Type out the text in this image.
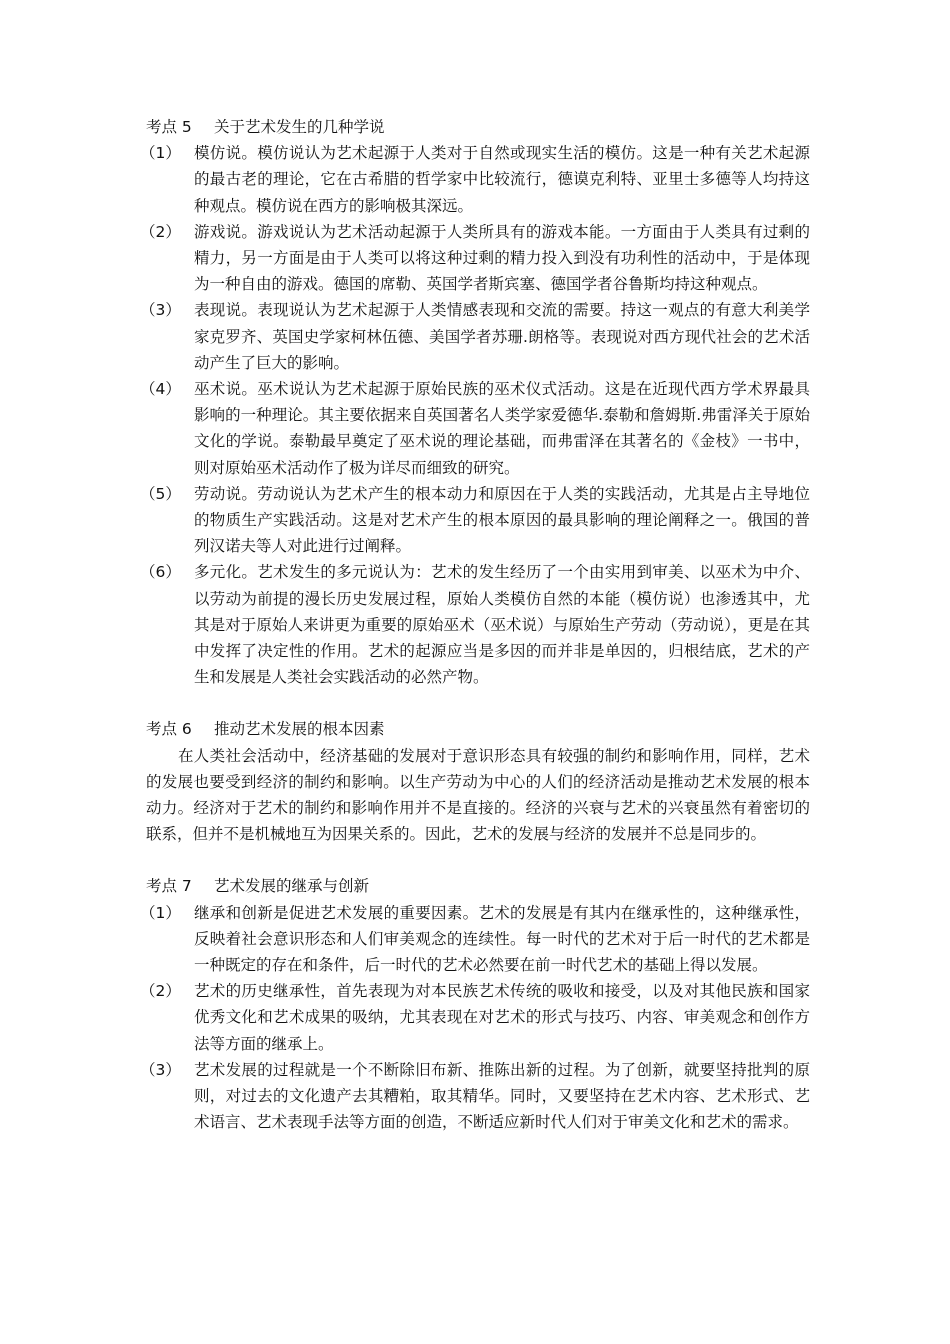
考点 5	关于艺术发生的几种学说
（1） 模仿说。模仿说认为艺术起源于人类对于自然或现实生活的模仿。这是一种有关艺术起源的最古老的理论，它在古希腊的哲学家中比较流行，德谟克利特、亚里士多德等人均持这种观点。模仿说在西方的影响极其深远。
（2） 游戏说。游戏说认为艺术活动起源于人类所具有的游戏本能。一方面由于人类具有过剩的精力，另一方面是由于人类可以将这种过剩的精力投入到没有功利性的活动中，于是体现为一种自由的游戏。德国的席勒、英国学者斯宾塞、德国学者谷鲁斯均持这种观点。
（3） 表现说。表现说认为艺术起源于人类情感表现和交流的需要。持这一观点的有意大利美学家克罗齐、英国史学家柯林伍德、美国学者苏珊.朗格等。表现说对西方现代社会的艺术活动产生了巨大的影响。
（4） 巫术说。巫术说认为艺术起源于原始民族的巫术仪式活动。这是在近现代西方学术界最具影响的一种理论。其主要依据来自英国著名人类学家爱德华.泰勒和詹姆斯.弗雷泽关于原始文化的学说。泰勒最早奠定了巫术说的理论基础，而弗雷泽在其著名的《金枝》一书中，则对原始巫术活动作了极为详尽而细致的研究。
（5） 劳动说。劳动说认为艺术产生的根本动力和原因在于人类的实践活动，尤其是占主导地位的物质生产实践活动。这是对艺术产生的根本原因的最具影响的理论阐释之一。俄国的普列汉诺夫等人对此进行过阐释。
（6） 多元化。艺术发生的多元说认为：艺术的发生经历了一个由实用到审美、以巫术为中介、以劳动为前提的漫长历史发展过程，原始人类模仿自然的本能（模仿说）也渗透其中，尤其是对于原始人来讲更为重要的原始巫术（巫术说）与原始生产劳动（劳动说），更是在其中发挥了决定性的作用。艺术的起源应当是多因的而并非是单因的，归根结底，艺术的产生和发展是人类社会实践活动的必然产物。
考点 6	推动艺术发展的根本因素
在人类社会活动中，经济基础的发展对于意识形态具有较强的制约和影响作用，同样，艺术的发展也要受到经济的制约和影响。以生产劳动为中心的人们的经济活动是推动艺术发展的根本动力。经济对于艺术的制约和影响作用并不是直接的。经济的兴衰与艺术的兴衰虽然有着密切的联系，但并不是机械地互为因果关系的。因此，艺术的发展与经济的发展并不总是同步的。
考点 7	艺术发展的继承与创新
（1） 继承和创新是促进艺术发展的重要因素。艺术的发展是有其内在继承性的，这种继承性，反映着社会意识形态和人们审美观念的连续性。每一时代的艺术对于后一时代的艺术都是一种既定的存在和条件，后一时代的艺术必然要在前一时代艺术的基础上得以发展。
（2） 艺术的历史继承性，首先表现为对本民族艺术传统的吸收和接受，以及对其他民族和国家优秀文化和艺术成果的吸纳，尤其表现在对艺术的形式与技巧、内容、审美观念和创作方法等方面的继承上。
（3） 艺术发展的过程就是一个不断除旧布新、推陈出新的过程。为了创新，就要坚持批判的原则，对过去的文化遗产去其糟粕，取其精华。同时，又要坚持在艺术内容、艺术形式、艺术语言、艺术表现手法等方面的创造，不断适应新时代人们对于审美文化和艺术的需求。
